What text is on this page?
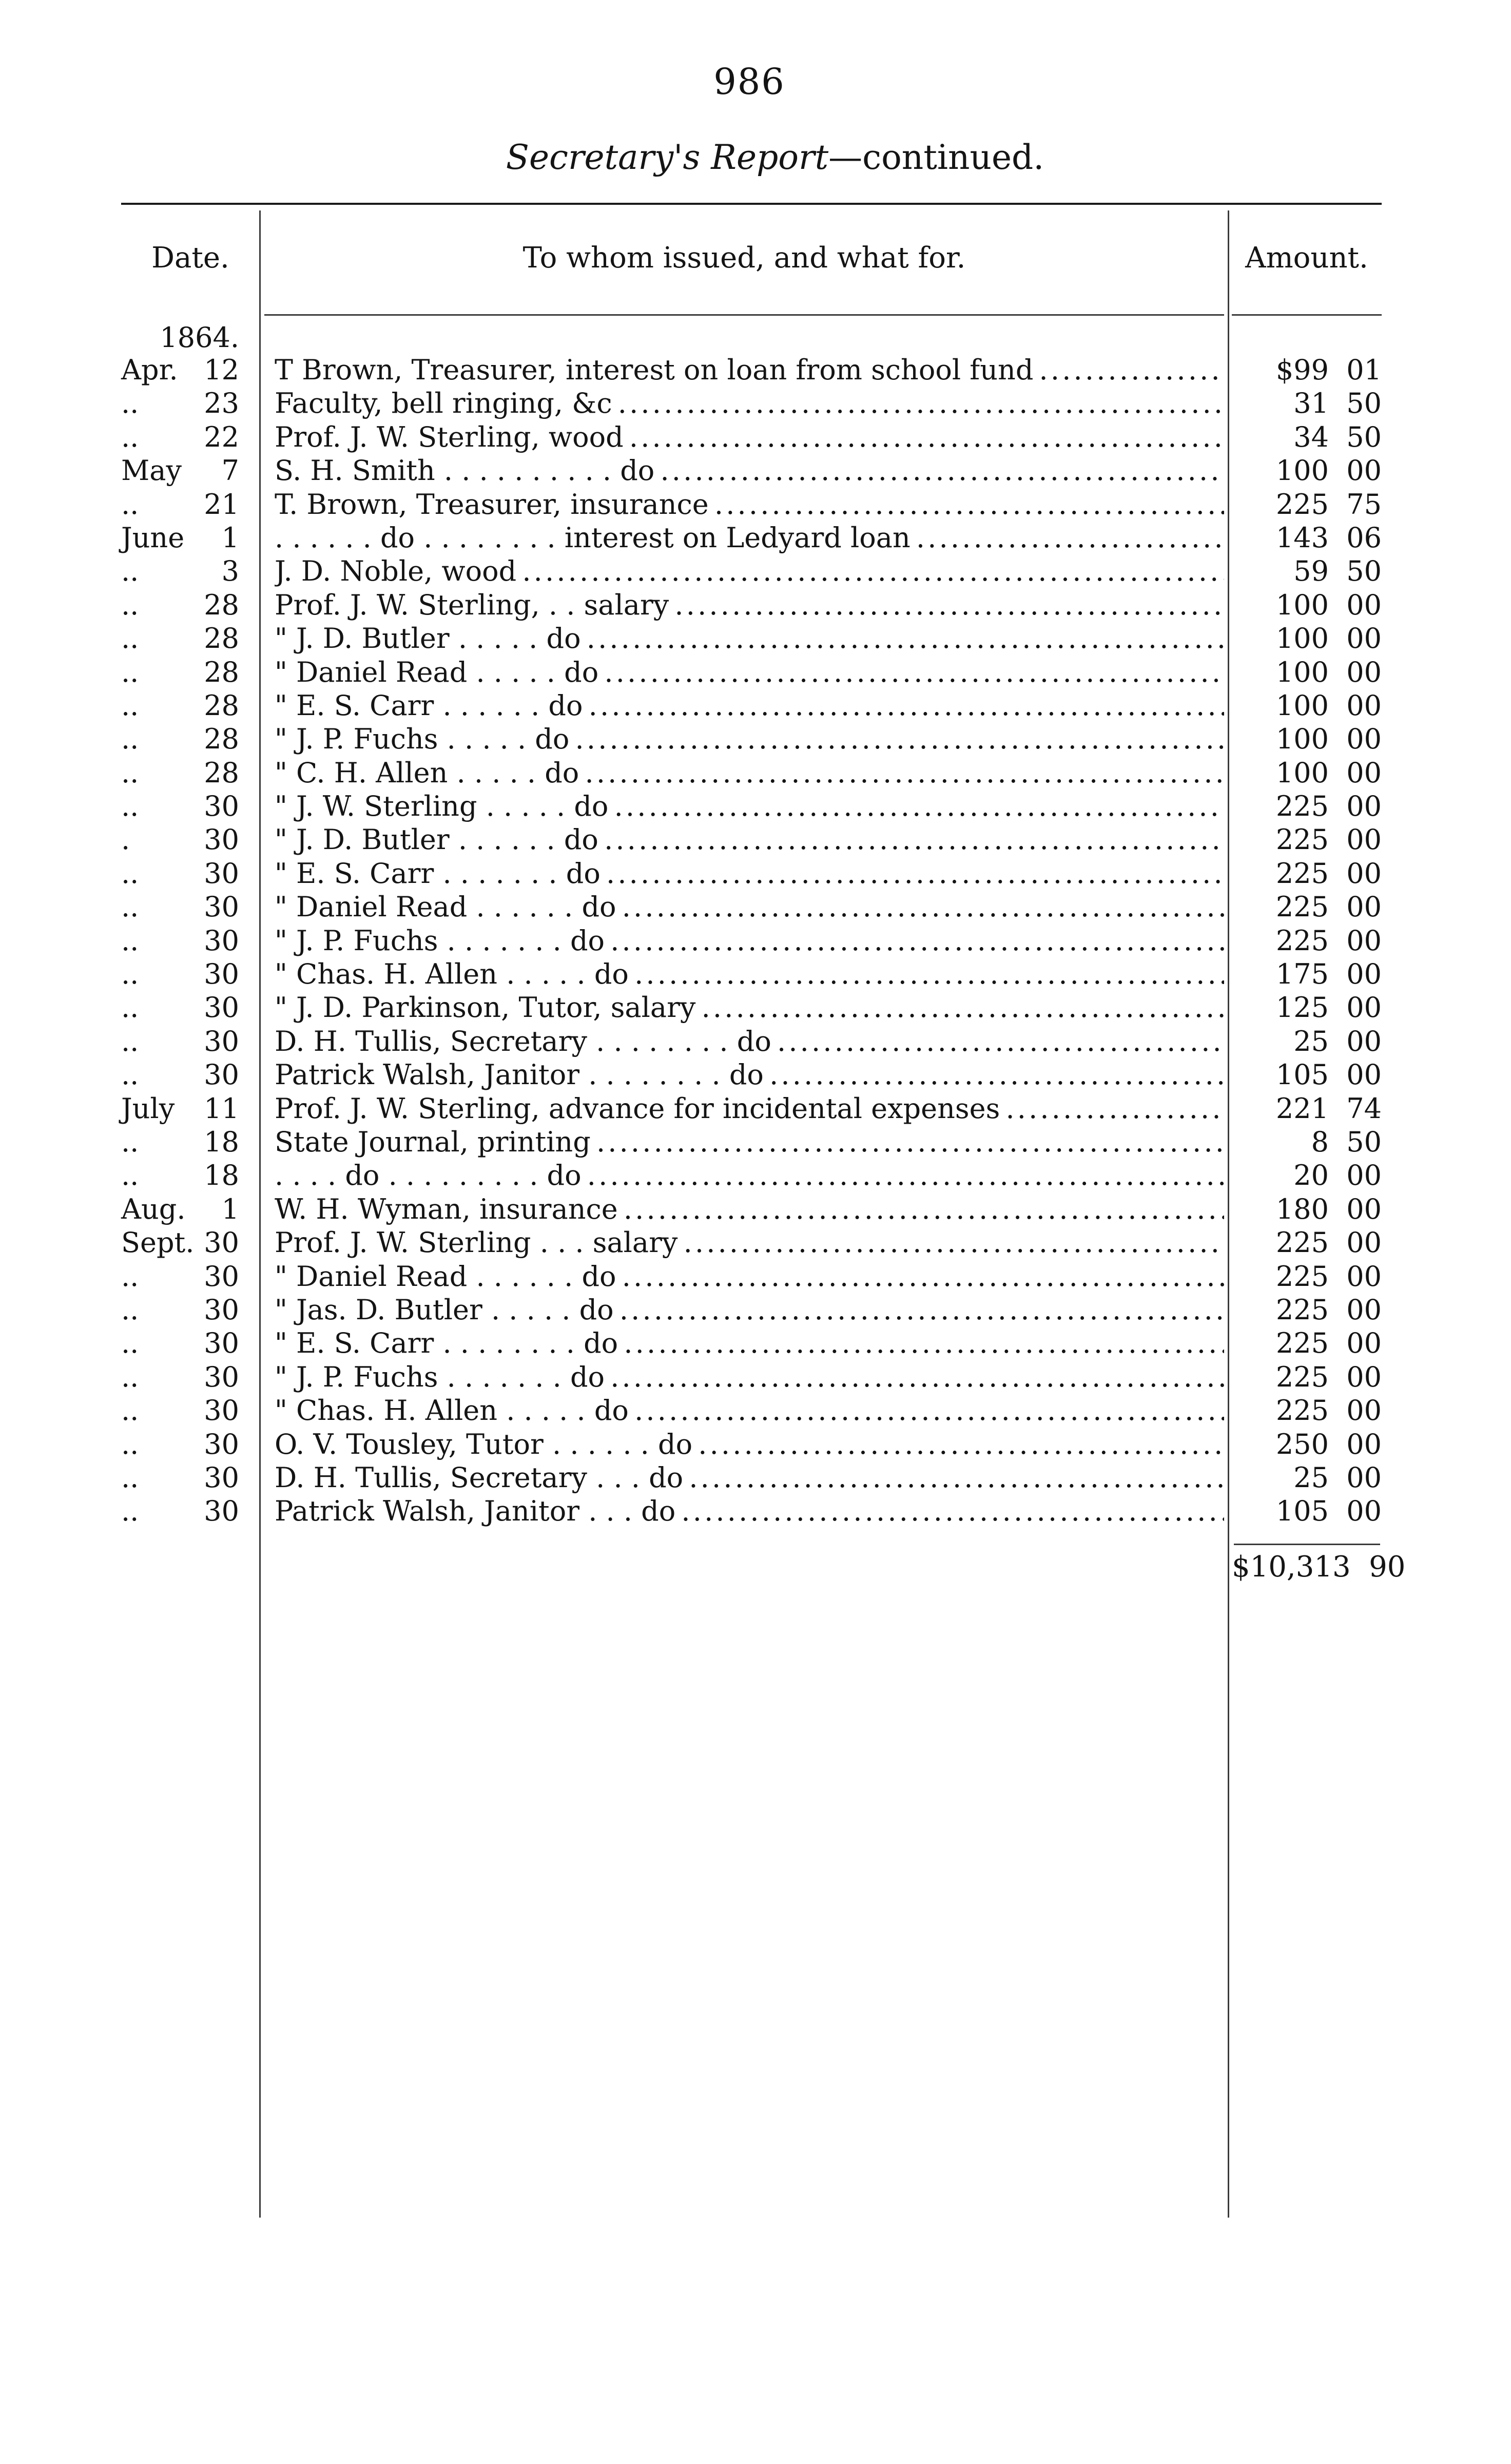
986
Secretary's Report—continued.
Date.	To whom issued, and what for.	Amount.
1864.
Apr. 12 T Brown, Treasurer, interest on loan from school fund . . .	$99  01
..	23 Faculty, bell ringing, &c . . .	31  50
..	22 Prof. J. W. Sterling, wood . . .	34  50
May	7 S. H. Smith . . . . . . . . . . do . . .	100  00
..	21 T. Brown, Treasurer, insurance . . .	225  75
June	1 . . . . . . do . . . . . . . . interest on Ledyard loan . . .	143  06
..	3 J. D. Noble, wood . . .	59  50
..	28 Prof. J. W. Sterling, . . salary . . .	100  00
..	28 " J. D. Butler . . . . . do . . .	100  00
..	28 " Daniel Read . . . . . do . . .	100  00
..	28 " E. S. Carr . . . . . . do . . .	100  00
..	28 " J. P. Fuchs . . . . . do . . .	100  00
..	28 " C. H. Allen . . . . . do . . .	100  00
..	30 " J. W. Sterling . . . . . do . . .	225  00
.	30 " J. D. Butler . . . . . . do . . .	225  00
..	30 " E. S. Carr . . . . . . . do . . .	225  00
..	30 " Daniel Read . . . . . . do . . .	225  00
..	30 " J. P. Fuchs . . . . . . . do . . .	225  00
..	30 " Chas. H. Allen . . . . . do . . .	175  00
..	30 " J. D. Parkinson, Tutor, salary . . .	125  00
..	30 D. H. Tullis, Secretary . . . . . . . . do . . .	25  00
..	30 Patrick Walsh, Janitor . . . . . . . . do . . .	105  00
July	11 Prof. J. W. Sterling, advance for incidental expenses . . .	221  74
..	18 State Journal, printing . . .	8  50
..	18 . . . . do . . . . . . . . . do . . .	20  00
Aug.	1 W. H. Wyman, insurance . . .	180  00
Sept. 30 Prof. J. W. Sterling . . . salary . . .	225  00
..	30 " Daniel Read . . . . . . do . . .	225  00
..	30 " Jas. D. Butler . . . . . do . . .	225  00
..	30 " E. S. Carr . . . . . . . . do . . .	225  00
..	30 " J. P. Fuchs . . . . . . . do . . .	225  00
..	30 " Chas. H. Allen . . . . . do . . .	225  00
..	30 O. V. Tousley, Tutor . . . . . . do . . .	250  00
..	30 D. H. Tullis, Secretary . . . do . . .	25  00
..	30 Patrick Walsh, Janitor . . . do . . .	105  00
$10,313  90
